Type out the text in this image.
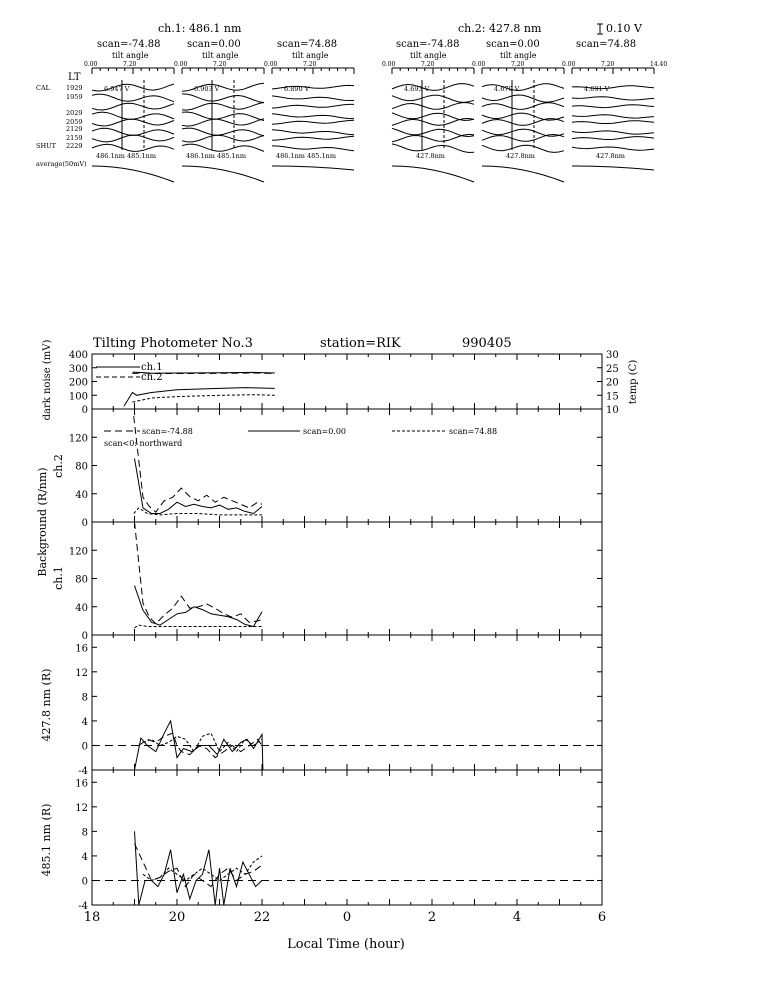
ch.1: 486.1 nm	ch.2: 427.8 nm	0.10 V
scan=-74.88	scan=0.00	scan=74.88	scan=-74.88	scan=0.00	scan=74.88
tilt angle	tilt angle	tilt angle	tilt angle	tilt angle
0.00	7.20	0.00	7.20	0.00	7.20	0.00	7.20	0.00	7.20	0.00	7.20	14.40
LT
CAL 1929
1959
2029
2059
2129
2159
SHUT 2229
average(50mV)
6.947 V
486.1nm 485.1nm
6.903 V
486.1nm 485.1nm
6.890 V
486.1nm 485.1nm
4.693 V
427.8nm
4.670 V
427.8nm
4.691 V
427.8nm
Tilting Photometer No.3	station=RIK	990405
0
100
200
300
400
10
15
20
25
30
0
40
80
120
0
40
80
120
-4
0
4
8
12
16
-4
0
4
8
12
16
18	20	22	0	2	4	6
dark noise (mV)	temp (C)
Background (R/nm)
ch.2
ch.1
427.8 nm (R)
485.1 nm (R)
Local Time (hour)
ch.1
ch.2
scan=-74.88	scan=0.00	scan=74.88
scan<0: northward
